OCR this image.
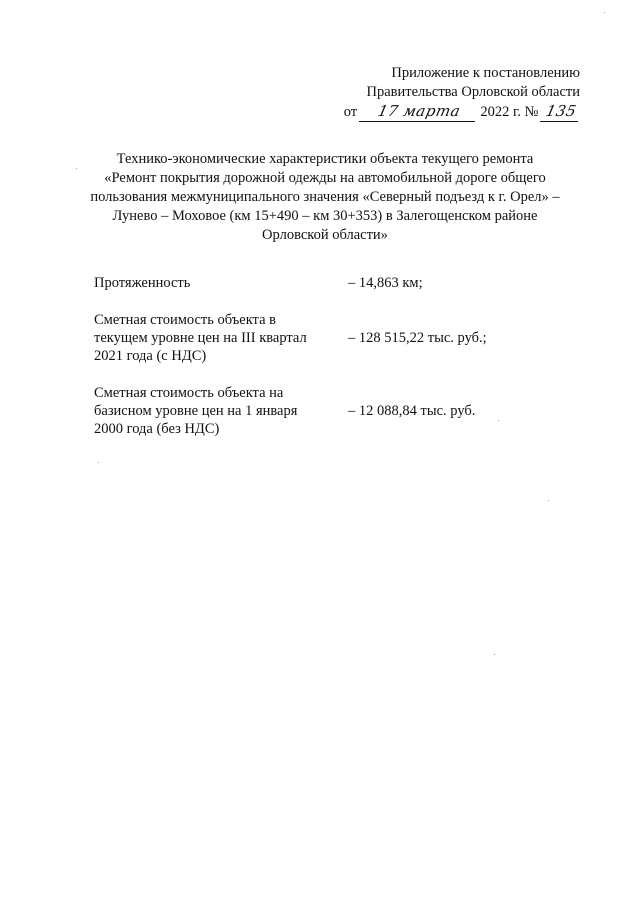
Приложение к постановлению
Правительства Орловской области
от 17 марта 2022 г. № 135
Технико-экономические характеристики объекта текущего ремонта
«Ремонт покрытия дорожной одежды на автомобильной дороге общего
пользования межмуниципального значения «Северный подъезд к г. Орел» –
Лунево – Моховое (км 15+490 – км 30+353) в Залегощенском районе
Орловской области»
Протяженность	– 14,863 км;
Сметная стоимость объекта в
текущем уровне цен на III квартал
2021 года (с НДС)
– 128 515,22 тыс. руб.;
Сметная стоимость объекта на
базисном уровне цен на 1 января
2000 года (без НДС)
– 12 088,84 тыс. руб.
